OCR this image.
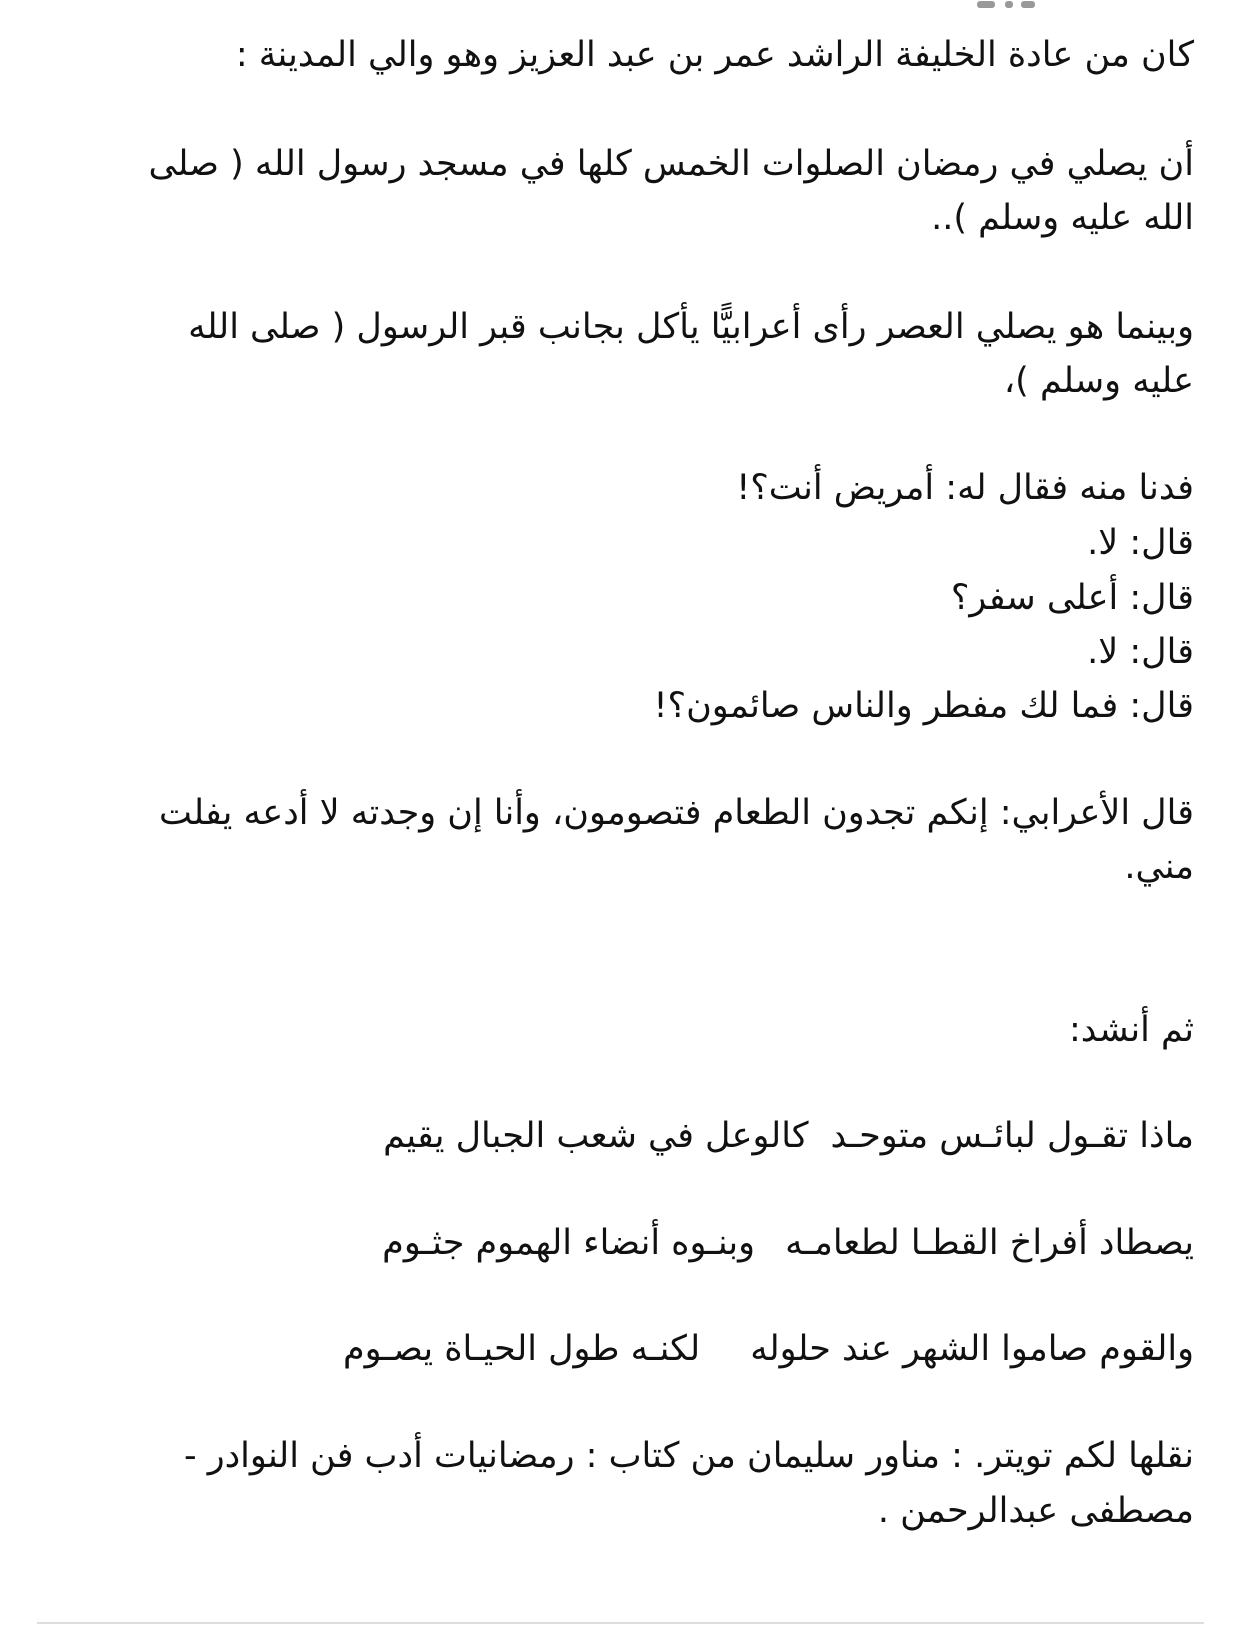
كان من عادة الخليفة الراشد عمر بن عبد العزيز وهو والي المدينة :
أن يصلي في رمضان الصلوات الخمس كلها في مسجد رسول الله ( صلى
الله عليه وسلم )..
وبينما هو يصلي العصر رأى أعرابيًّا يأكل بجانب قبر الرسول ( صلى الله
عليه وسلم )،
فدنا منه فقال له: أمريض أنت؟!
قال: لا.
قال: أعلى سفر؟
قال: لا.
قال: فما لك مفطر والناس صائمون؟!
قال الأعرابي: إنكم تجدون الطعام فتصومون، وأنا إن وجدته لا أدعه يفلت
مني.
ثم أنشد:
ماذا تقـول لبائـس متوحـدكالوعل في شعب الجبال يقيم
يصطاد أفراخ القطـا لطعامـهوبنـوه أنضاء الهموم جثـوم
والقوم صاموا الشهر عند حلولهلكنـه طول الحيـاة يصـوم
نقلها لكم تويتر. : مناور سليمان من كتاب : رمضانيات أدب فن النوادر -
مصطفى عبدالرحمن .
